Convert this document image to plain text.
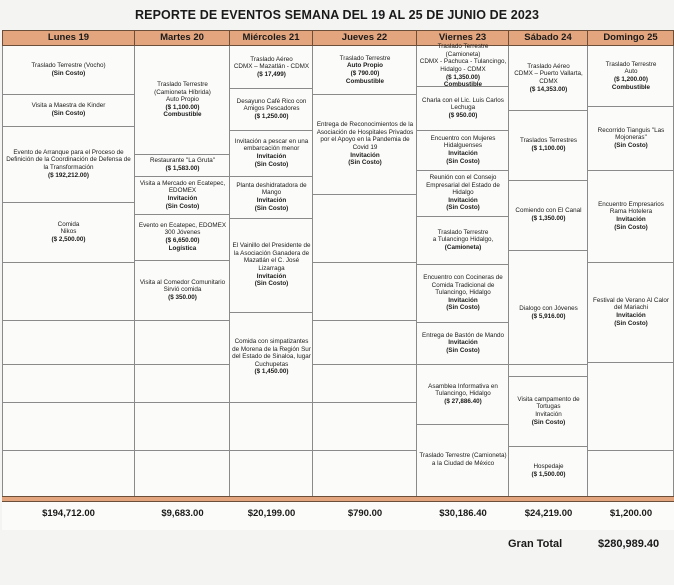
REPORTE DE EVENTOS SEMANA DEL 19 AL 25 DE JUNIO DE 2023
Lunes 19
Traslado Terrestre (Vocho)
(Sin Costo)
Visita a Maestra de Kinder
(Sin Costo)
Evento de Arranque para el Proceso de Definición de la Coordinación de Defensa de la Transformación
($ 192,212.00)
Comida
Nikos
($ 2,500.00)
$194,712.00
Martes 20
Traslado Terrestre
(Camioneta Híbrida)
Auto Propio
($ 1,100.00)
Combustible
Restaurante "La Gruta"
($ 1,583.00)
Visita a Mercado en Ecatepec, EDOMEX
Invitación
(Sin Costo)
Evento en Ecatepec, EDOMEX
300 Jóvenes
($ 6,650.00)
Logística
Visita al Comedor Comunitario Sirvió comida
($ 350.00)
$9,683.00
Miércoles 21
Traslado Aéreo
CDMX – Mazatlán - CDMX
($ 17,499)
Desayuno Café Rico con Amigos Pescadores
($ 1,250.00)
Invitación a pescar en una embarcación menor
Invitación
(Sin Costo)
Planta deshidratadora de Mango
Invitación
(Sin Costo)
El Vainillo del Presidente de la Asociación Ganadera de Mazatlán el C. José Lizarraga
Invitación
(Sin Costo)
Comida con simpatizantes de Morena de la Región Sur del Estado de Sinaloa, lugar Cuchupetas
($ 1,450.00)
$20,199.00
Jueves 22
Traslado Terrestre
Auto Propio
($ 790.00)
Combustible
Entrega de Reconocimientos de la Asociación de Hospitales Privados por el Apoyo en la Pandemia de Covid 19
Invitación
(Sin Costo)
$790.00
Viernes 23
Traslado Terrestre
(Camioneta)
CDMX - Pachuca - Tulancingo, Hidalgo - CDMX
($ 1,350.00)
Combustible
Charla con el Lic. Luis Carlos Lechuga
($ 950.00)
Encuentro con Mujeres Hidalguenses
Invitación
(Sin Costo)
Reunión con el Consejo Empresarial del Estado de Hidalgo
Invitación
(Sin Costo)
Traslado Terrestre
a Tulancingo Hidalgo,
(Camioneta)
Encuentro con Cocineras de Comida Tradicional de Tulancingo, Hidalgo
Invitación
(Sin Costo)
Entrega de Bastón de Mando
Invitación
(Sin Costo)
Asamblea Informativa en Tulancingo, Hidalgo
($ 27,886.40)
Traslado Terrestre (Camioneta) a la Ciudad de México
$30,186.40
Sábado 24
Traslado Aéreo
CDMX – Puerto Vallarta, CDMX
($ 14,353.00)
Traslados Terrestres
($ 1,100.00)
Comiendo con El Canal
($ 1,350.00)
Dialogo con Jóvenes
($ 5,916.00)
Visita campamento de Tortugas
Invitación
(Sin Costo)
Hospedaje
($ 1,500.00)
$24,219.00
Domingo 25
Traslado Terrestre
Auto
($ 1,200.00)
Combustible
Recorrido Tianguis "Las Mojoneras"
(Sin Costo)
Encuentro Empresarios Rama Hotelera
Invitación
(Sin Costo)
Festival de Verano Al Calor del Mariachi
Invitación
(Sin Costo)
$1,200.00
Gran Total	$280,989.40
